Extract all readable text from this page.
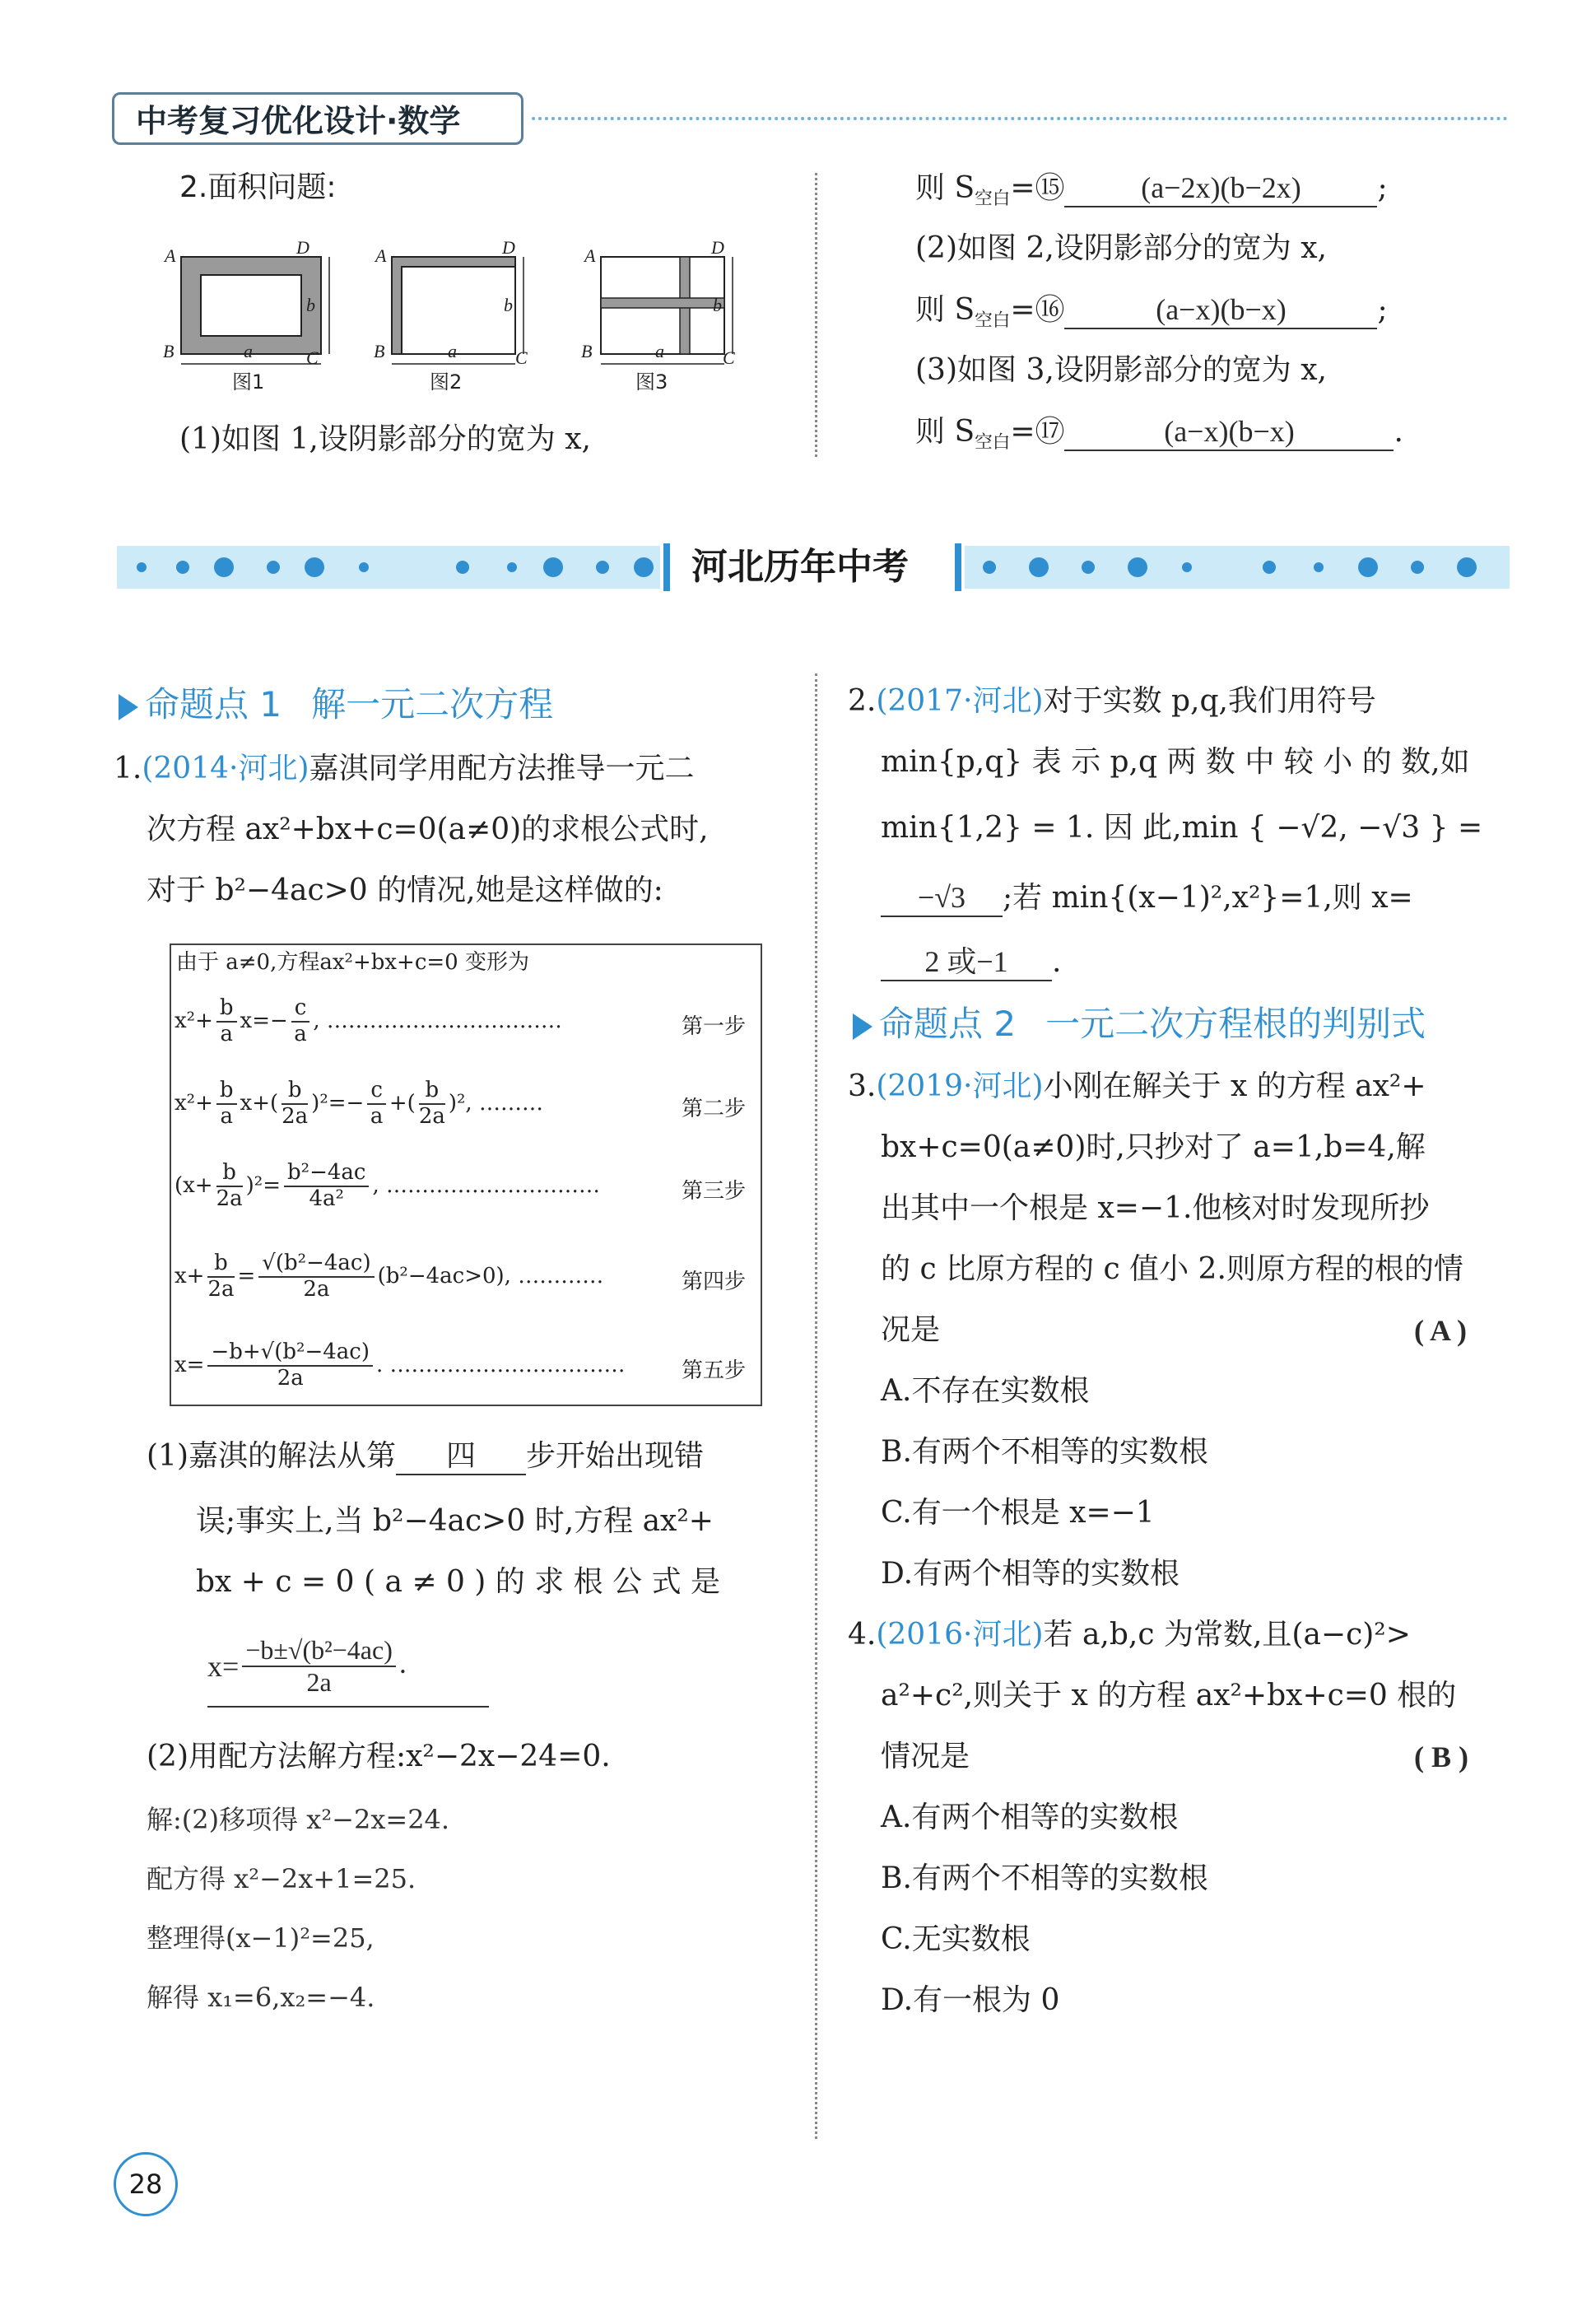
中考复习优化设计·数学
2.面积问题:
A	D
B	C
a
b
A	D
B	C
a
b
A	D
B	C
a
b
图1	图2	图3
(1)如图 1,设阴影部分的宽为 x,
则 $S_{空白}=⑮$	(a−2x)(b−2x)	;
(2)如图 2,设阴影部分的宽为 x,
则 $S_{空白}=⑯$	(a−x)(b−x)	;
(3)如图 3,设阴影部分的宽为 x,
则 $S_{空白}=⑰$	(a−x)(b−x)	.
河北历年中考
命题点 1 解一元二次方程
1.(2014·河北)嘉淇同学用配方法推导一元二
次方程 ax²+bx+c=0(a≠0)的求根公式时,
对于 b²−4ac>0 的情况,她是这样做的:
由于 a≠0,方程ax²+bx+c=0 变形为
$x^2+ \frac{b}{a} x=- \frac{c}{a}$ , ……………………………	第一步
$x^2+ \frac{b}{a} x+( \frac{b}{2a} )^2=- \frac{c}{a}$ +( $\frac{b}{2a} )^2$, ………	第二步
$(x+ \frac{b}{2a} )^2= \frac{\text{b²−4ac}}{\text{4a²}}$ , …………………………	第三步
$x+ \frac{b}{2a} = \frac{\text{√(b²−4ac)}}{2a} (b^2-4ac>0)$, …………	第四步
$x= \frac{\text{−b+√(b²−4ac)}}{2a}$ . ……………………………	第五步
(1)嘉淇的解法从第 四 步开始出现错
误;事实上,当 b²−4ac>0 时,方程 ax²+
bx + c = 0 ( a ≠ 0 ) 的 求 根 公 式 是
$x= \frac{\text{−b±√(b²−4ac)}}{2a}$ .
(2)用配方法解方程:x²−2x−24=0.
解:(2)移项得 x²−2x=24.
配方得 x²−2x+1=25.
整理得(x−1)²=25,
解得 x₁=6,x₂=−4.
2.(2017·河北)对于实数 p,q,我们用符号
min{p,q} 表 示 p,q 两 数 中 较 小 的 数,如
min{1,2} = 1. 因 此,min { −√2, −√3 } =
−√3 ;若 min{(x−1)²,x²}=1,则 x=
2 或−1 .
命题点 2 一元二次方程根的判别式
3.(2019·河北)小刚在解关于 x 的方程 ax²+
bx+c=0(a≠0)时,只抄对了 a=1,b=4,解
出其中一个根是 x=−1.他核对时发现所抄
的 c 比原方程的 c 值小 2.则原方程的根的情
况是	( A )
A.不存在实数根
B.有两个不相等的实数根
C.有一个根是 x=−1
D.有两个相等的实数根
4.(2016·河北)若 a,b,c 为常数,且(a−c)²>
a²+c²,则关于 x 的方程 ax²+bx+c=0 根的
情况是	( B )
A.有两个相等的实数根
B.有两个不相等的实数根
C.无实数根
D.有一根为 0
28
